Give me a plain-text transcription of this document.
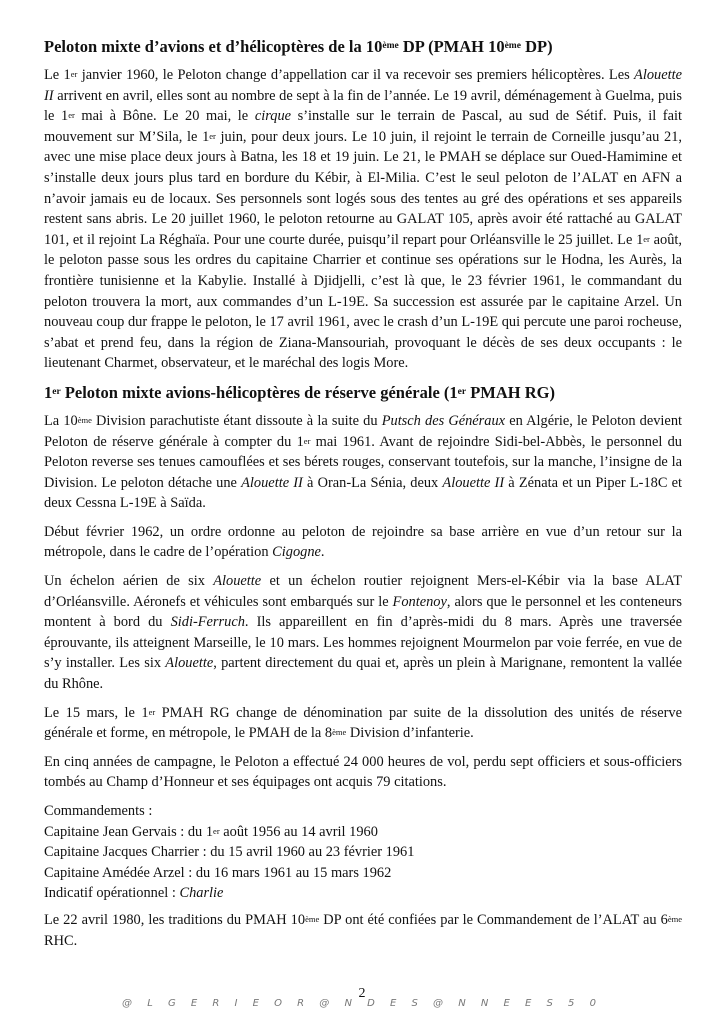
Peloton mixte d’avions et d’hélicoptères de la 10ème DP (PMAH 10ème DP)

Le 1er janvier 1960, le Peloton change d’appellation car il va recevoir ses premiers hélicoptères. Les Alouette II arrivent en avril, elles sont au nombre de sept à la fin de l’année. Le 19 avril, déménagement à Guelma, puis le 1er mai à Bône. Le 20 mai, le cirque s’installe sur le terrain de Pascal, au sud de Sétif. Puis, il fait mouvement sur M’Sila, le 1er juin, pour deux jours. Le 10 juin, il rejoint le terrain de Corneille jusqu’au 21, avec une mise place deux jours à Batna, les 18 et 19 juin. Le 21, le PMAH se déplace sur Oued-Hamimine et s’installe deux jours plus tard en bordure du Kébir, à El-Milia. C’est le seul peloton de l’ALAT en AFN a n’avoir jamais eu de locaux. Ses personnels sont logés sous des tentes au gré des opérations et ses appareils restent sans abris. Le 20 juillet 1960, le peloton retourne au GALAT 105, après avoir été rattaché au GALAT 101, et il rejoint La Réghaïa. Pour une courte durée, puisqu’il repart pour Orléansville le 25 juillet. Le 1er août, le peloton passe sous les ordres du capitaine Charrier et continue ses opérations sur le Hodna, les Aurès, la frontière tunisienne et la Kabylie. Installé à Djidjelli, c’est là que, le 23 février 1961, le commandant du peloton trouvera la mort, aux commandes d’un L-19E. Sa succession est assurée par le capitaine Arzel. Un nouveau coup dur frappe le peloton, le 17 avril 1961, avec le crash d’un L-19E qui percute une paroi rocheuse, s’abat et prend feu, dans la région de Ziana-Mansouriah, provoquant le décès de ses deux occupants : le lieutenant Charmet, observateur, et le maréchal des logis More.

1er Peloton mixte avions-hélicoptères de réserve générale (1er PMAH RG)

La 10ème Division parachutiste étant dissoute à la suite du Putsch des Généraux en Algérie, le Peloton devient Peloton de réserve générale à compter du 1er mai 1961. Avant de rejoindre Sidi-bel-Abbès, le personnel du Peloton reverse ses tenues camouflées et ses bérets rouges, conservant toutefois, sur la manche, l’insigne de la Division. Le peloton détache une Alouette II à Oran-La Sénia, deux Alouette II à Zénata et un Piper L-18C et deux Cessna L-19E à Saïda.

Début février 1962, un ordre ordonne au peloton de rejoindre sa base arrière en vue d’un retour sur la métropole, dans le cadre de l’opération Cigogne.

Un échelon aérien de six Alouette et un échelon routier rejoignent Mers-el-Kébir via la base ALAT d’Orléansville. Aéronefs et véhicules sont embarqués sur le Fontenoy, alors que le personnel et les conteneurs montent à bord du Sidi-Ferruch. Ils appareillent en fin d’après-midi du 8 mars. Après une traversée éprouvante, ils atteignent Marseille, le 10 mars. Les hommes rejoignent Mourmelon par voie ferrée, en vue de s’y installer. Les six Alouette, partent directement du quai et, après un plein à Marignane, remontent la vallée du Rhône.

Le 15 mars, le 1er PMAH RG change de dénomination par suite de la dissolution des unités de réserve générale et forme, en métropole, le PMAH de la 8ème Division d’infanterie.

En cinq années de campagne, le Peloton a effectué 24 000 heures de vol, perdu sept officiers et sous-officiers tombés au Champ d’Honneur et ses équipages ont acquis 79 citations.

Commandements :
Capitaine Jean Gervais : du 1er août 1956 au 14 avril 1960
Capitaine Jacques Charrier : du 15 avril 1960 au 23 février 1961
Capitaine Amédée Arzel : du 16 mars 1961 au 15 mars 1962
Indicatif opérationnel : Charlie

Le 22 avril 1980, les traditions du PMAH 10ème DP ont été confiées par le Commandement de l’ALAT au 6ème RHC.

2
@ L G E R I E O R @ N D E S @ N N E E S 5 0
